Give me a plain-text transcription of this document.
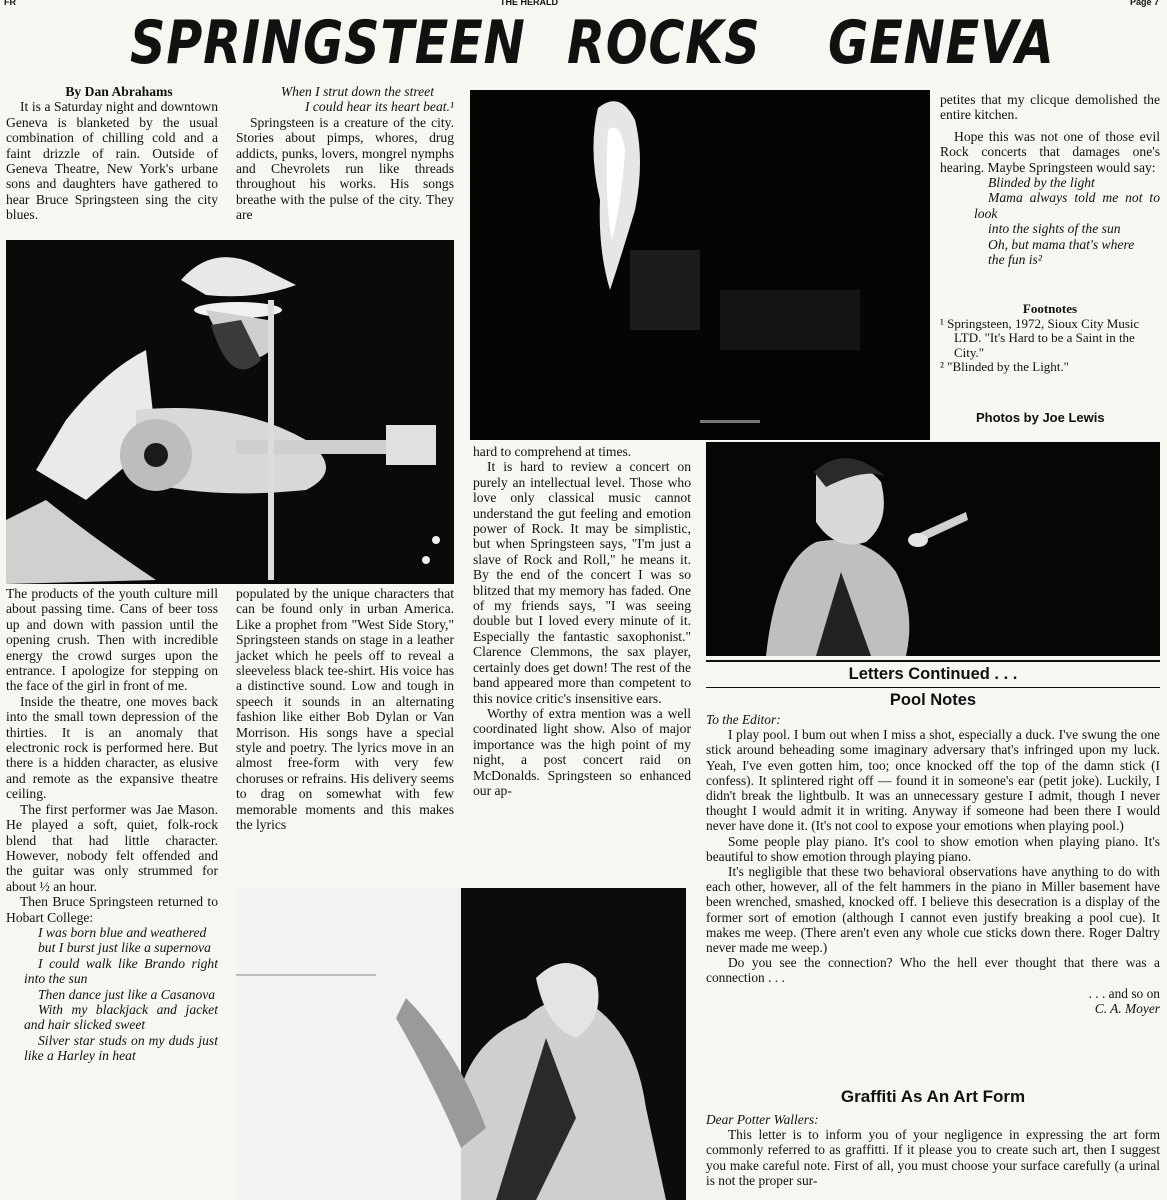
FR	THE HERALD	Page 7
SPRINGSTEEN ROCKS GENEVA

By Dan Abrahams

It is a Saturday night and downtown Geneva is blanketed by the usual combination of chilling cold and a faint drizzle of rain. Outside of Geneva Theatre, New York's urbane sons and daughters have gathered to hear Bruce Springsteen sing the city blues.

When I strut down the street

I could hear its heart beat.¹

Springsteen is a creature of the city. Stories about pimps, whores, drug addicts, punks, lovers, mongrel nymphs and Chevrolets run like threads throughout his works. His songs breathe with the pulse of the city. They are

The products of the youth culture mill about passing time. Cans of beer toss up and down with passion until the opening crush. Then with incredible energy the crowd surges upon the entrance. I apologize for stepping on the face of the girl in front of me.

Inside the theatre, one moves back into the small town depression of the thirties. It is an anomaly that electronic rock is performed here. But there is a hidden character, as elusive and remote as the expansive theatre ceiling.

The first performer was Jae Mason. He played a soft, quiet, folk-rock blend that had little character. However, nobody felt offended and the guitar was only strummed for about ½ an hour.

Then Bruce Springsteen returned to Hobart College:

I was born blue and weathered

but I burst just like a supernova

I could walk like Brando right into the sun

Then dance just like a Casanova

With my blackjack and jacket and hair slicked sweet

Silver star studs on my duds just like a Harley in heat

populated by the unique characters that can be found only in urban America. Like a prophet from "West Side Story," Springsteen stands on stage in a leather jacket which he peels off to reveal a sleeveless black tee-shirt. His voice has a distinctive sound. Low and tough in speech it sounds in an alternating fashion like either Bob Dylan or Van Morrison. His songs have a special style and poetry. The lyrics move in an almost free-form with very few choruses or refrains. His delivery seems to drag on somewhat with few memorable moments and this makes the lyrics

hard to comprehend at times.

It is hard to review a concert on purely an intellectual level. Those who love only classical music cannot understand the gut feeling and emotion power of Rock. It may be simplistic, but when Springsteen says, "I'm just a slave of Rock and Roll," he means it. By the end of the concert I was so blitzed that my memory has faded. One of my friends says, "I was seeing double but I loved every minute of it. Especially the fantastic saxophonist." Clarence Clemmons, the sax player, certainly does get down! The rest of the band appeared more than competent to this novice critic's insensitive ears.

Worthy of extra mention was a well coordinated light show. Also of major importance was the high point of my night, a post concert raid on McDonalds. Springsteen so enhanced our ap-

petites that my clicque demolished the entire kitchen.

Hope this was not one of those evil Rock concerts that damages one's hearing. Maybe Springsteen would say:

Blinded by the light

Mama always told me not to look

into the sights of the sun

Oh, but mama that's where

the fun is²

Footnotes

¹ Springsteen, 1972, Sioux City Music LTD. "It's Hard to be a Saint in the City."

² "Blinded by the Light."

Photos by Joe Lewis

Letters Continued . . .

Pool Notes

To the Editor:

I play pool. I bum out when I miss a shot, especially a duck. I've swung the one stick around beheading some imaginary adversary that's infringed upon my luck. Yeah, I've even gotten him, too; once knocked off the top of the damn stick (I confess). It splintered right off — found it in someone's ear (petit joke). Luckily, I didn't break the lightbulb. It was an unnecessary gesture I admit, though I never thought I would admit it in writing. Anyway if someone had been there I would never have done it. (It's not cool to expose your emotions when playing pool.)

Some people play piano. It's cool to show emotion when playing piano. It's beautiful to show emotion through playing piano.

It's negligible that these two behavioral observations have anything to do with each other, however, all of the felt hammers in the piano in Miller basement have been wrenched, smashed, knocked off. I believe this desecration is a display of the former sort of emotion (although I cannot even justify breaking a pool cue). It makes me weep. (There aren't even any whole cue sticks down there. Roger Daltry never made me weep.)

Do you see the connection? Who the hell ever thought that there was a connection . . .

. . . and so on

C. A. Moyer

Graffiti As An Art Form

Dear Potter Wallers:

This letter is to inform you of your negligence in expressing the art form commonly referred to as graffitti. If it please you to create such art, then I suggest you make careful note. First of all, you must choose your surface carefully (a urinal is not the proper sur-
